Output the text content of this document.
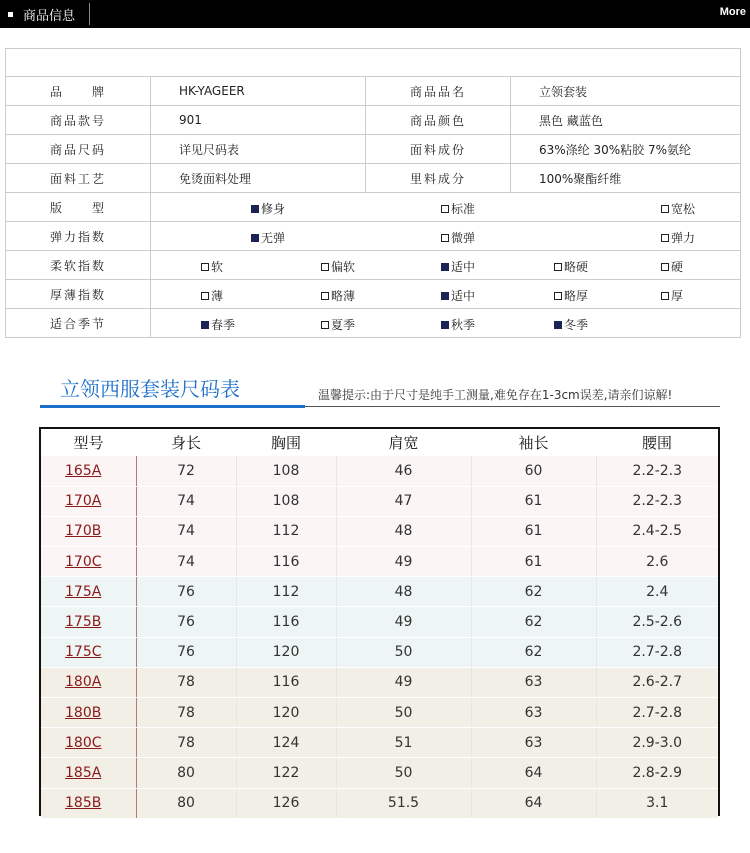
商品信息	More

品　　牌	HK-YAGEER	商品品名	立领套装
商品款号	901	商品颜色	黑色 藏蓝色
商品尺码	详见尺码表	面料成份	63%涤纶 30%粘胶 7%氨纶
面料工艺	免烫面料处理	里料成分	100%聚酯纤维
版　　型	修身 标准 宽松		

弹力指数	无弹 微弹 弹力		

柔软指数	软 偏软 适中 略硬 硬		

厚薄指数	薄 略薄 适中 略厚 厚		

适合季节	春季 夏季 秋季 冬季		
立领西服套装尺码表	温馨提示:由于尺寸是纯手工测量,难免存在1-3cm误差,请亲们谅解!
型号	身长	胸围	肩宽	袖长	腰围
165A	72	108	46	60	2.2-2.3
170A	74	108	47	61	2.2-2.3
170B	74	112	48	61	2.4-2.5
170C	74	116	49	61	2.6
175A	76	112	48	62	2.4
175B	76	116	49	62	2.5-2.6
175C	76	120	50	62	2.7-2.8
180A	78	116	49	63	2.6-2.7
180B	78	120	50	63	2.7-2.8
180C	78	124	51	63	2.9-3.0
185A	80	122	50	64	2.8-2.9
185B	80	126	51.5	64	3.1
